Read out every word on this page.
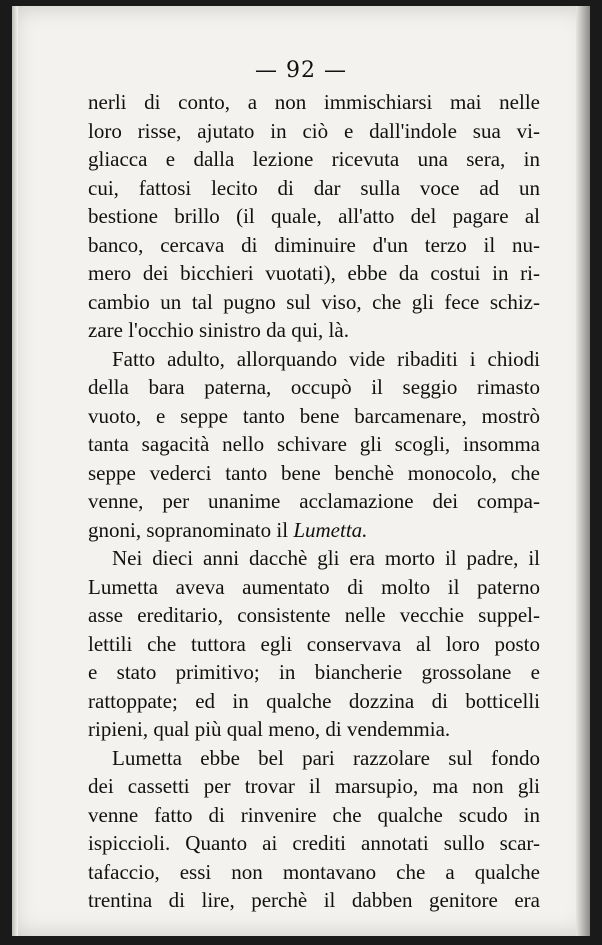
— 92 —
nerli di conto, a non immischiarsi mai nelle
loro risse, ajutato in ciò e dall'indole sua vi-
gliacca e dalla lezione ricevuta una sera, in
cui, fattosi lecito di dar sulla voce ad un
bestione brillo (il quale, all'atto del pagare al
banco, cercava di diminuire d'un terzo il nu-
mero dei bicchieri vuotati), ebbe da costui in ri-
cambio un tal pugno sul viso, che gli fece schiz-
zare l'occhio sinistro da qui, là.
Fatto adulto, allorquando vide ribaditi i chiodi
della bara paterna, occupò il seggio rimasto
vuoto, e seppe tanto bene barcamenare, mostrò
tanta sagacità nello schivare gli scogli, insomma
seppe vederci tanto bene benchè monocolo, che
venne, per unanime acclamazione dei compa-
gnoni, sopranominato il Lumetta.
Nei dieci anni dacchè gli era morto il padre, il
Lumetta aveva aumentato di molto il paterno
asse ereditario, consistente nelle vecchie suppel-
lettili che tuttora egli conservava al loro posto
e stato primitivo; in biancherie grossolane e
rattoppate; ed in qualche dozzina di botticelli
ripieni, qual più qual meno, di vendemmia.
Lumetta ebbe bel pari razzolare sul fondo
dei cassetti per trovar il marsupio, ma non gli
venne fatto di rinvenire che qualche scudo in
ispiccioli. Quanto ai crediti annotati sullo scar-
tafaccio, essi non montavano che a qualche
trentina di lire, perchè il dabben genitore era
